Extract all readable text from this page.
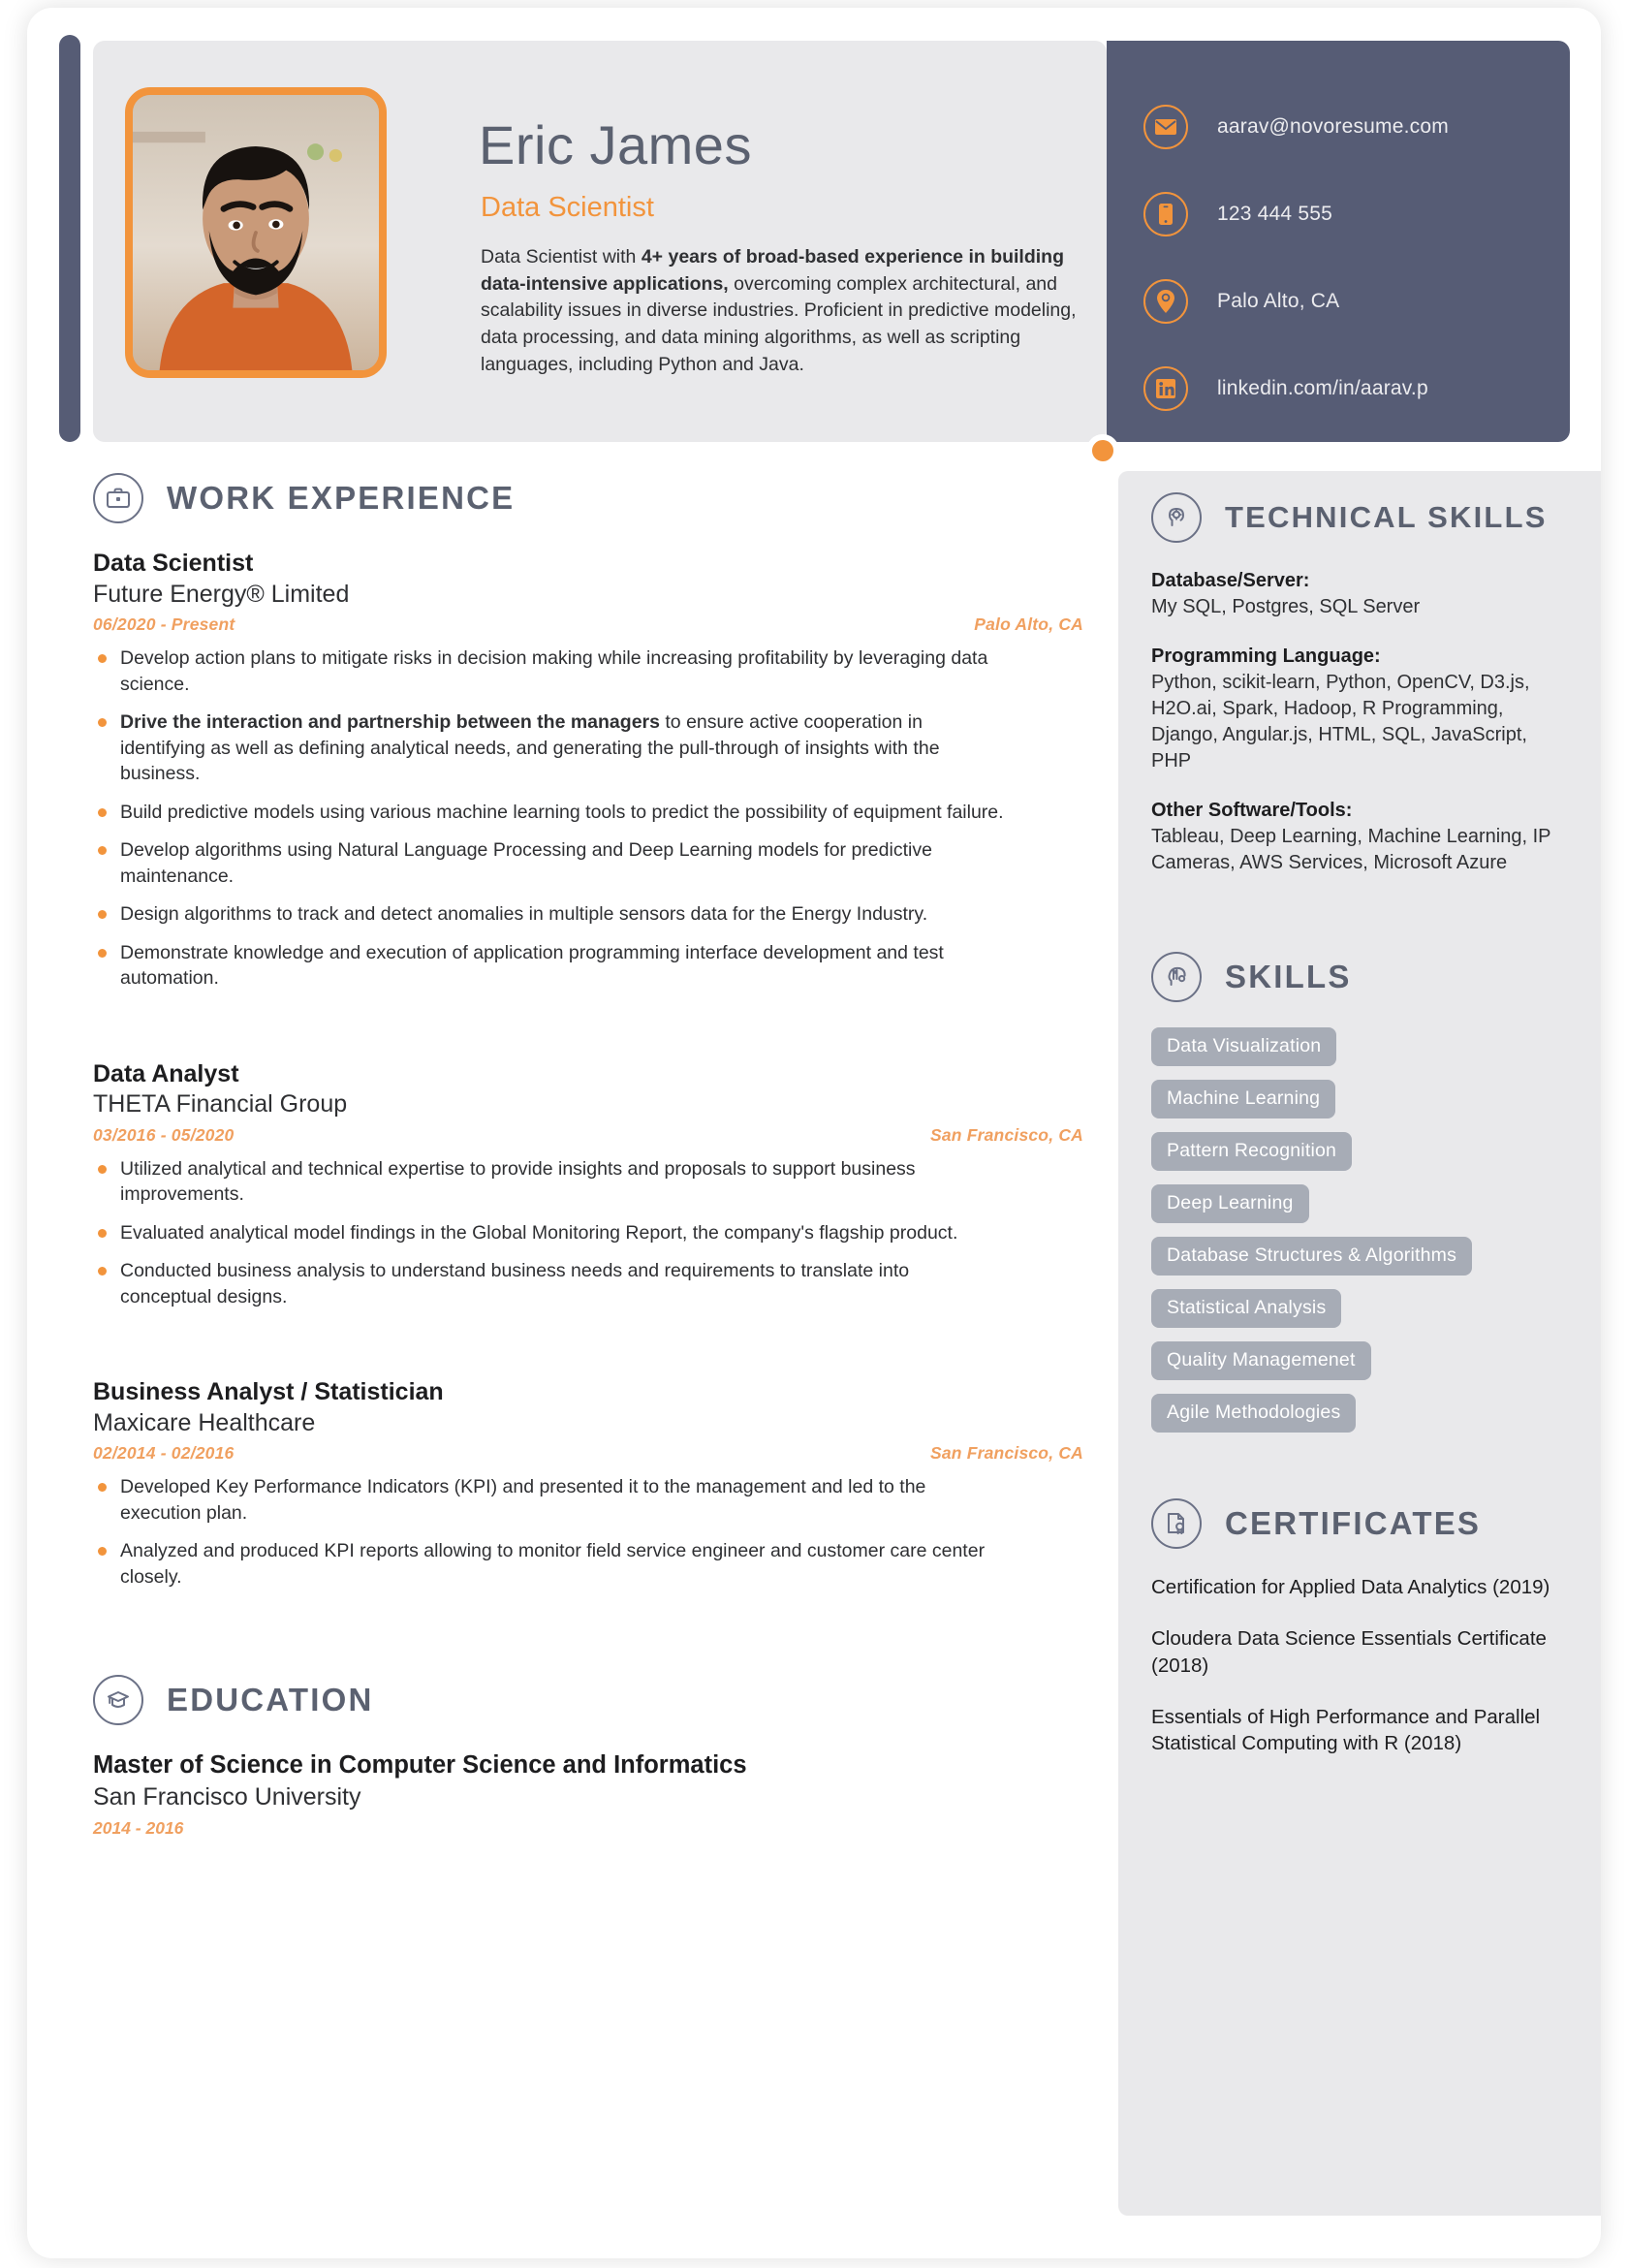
Eric James
Data Scientist
Data Scientist with 4+ years of broad-based experience in building data-intensive applications, overcoming complex architectural, and scalability issues in diverse industries. Proficient in predictive modeling, data processing, and data mining algorithms, as well as scripting languages, including Python and Java.
aarav@novoresume.com
123 444 555
Palo Alto, CA
linkedin.com/in/aarav.p
WORK EXPERIENCE
Data Scientist
Future Energy® Limited
06/2020 - Present	Palo Alto, CA
Develop action plans to mitigate risks in decision making while increasing profitability by leveraging data science.
Drive the interaction and partnership between the managers to ensure active cooperation in identifying as well as defining analytical needs, and generating the pull-through of insights with the business.
Build predictive models using various machine learning tools to predict the possibility of equipment failure.
Develop algorithms using Natural Language Processing and Deep Learning models for predictive maintenance.
Design algorithms to track and detect anomalies in multiple sensors data for the Energy Industry.
Demonstrate knowledge and execution of application programming interface development and test automation.
Data Analyst
THETA Financial Group
03/2016 - 05/2020	San Francisco, CA
Utilized analytical and technical expertise to provide insights and proposals to support business improvements.
Evaluated analytical model findings in the Global Monitoring Report, the company's flagship product.
Conducted business analysis to understand business needs and requirements to translate into conceptual designs.
Business Analyst / Statistician
Maxicare Healthcare
02/2014 - 02/2016	San Francisco, CA
Developed Key Performance Indicators (KPI) and presented it to the management and led to the execution plan.
Analyzed and produced KPI reports allowing to monitor field service engineer and customer care center closely.
EDUCATION
Master of Science in Computer Science and Informatics
San Francisco University
2014 - 2016
TECHNICAL SKILLS
Database/Server:
My SQL, Postgres, SQL Server
Programming Language:
Python, scikit-learn, Python, OpenCV, D3.js, H2O.ai, Spark, Hadoop, R Programming, Django, Angular.js, HTML, SQL, JavaScript, PHP
Other Software/Tools:
Tableau, Deep Learning, Machine Learning, IP Cameras, AWS Services, Microsoft Azure
SKILLS
Data Visualization
Machine Learning
Pattern Recognition
Deep Learning
Database Structures & Algorithms
Statistical Analysis
Quality Managemenet
Agile Methodologies
CERTIFICATES
Certification for Applied Data Analytics (2019)
Cloudera Data Science Essentials Certificate (2018)
Essentials of High Performance and Parallel Statistical Computing with R (2018)
